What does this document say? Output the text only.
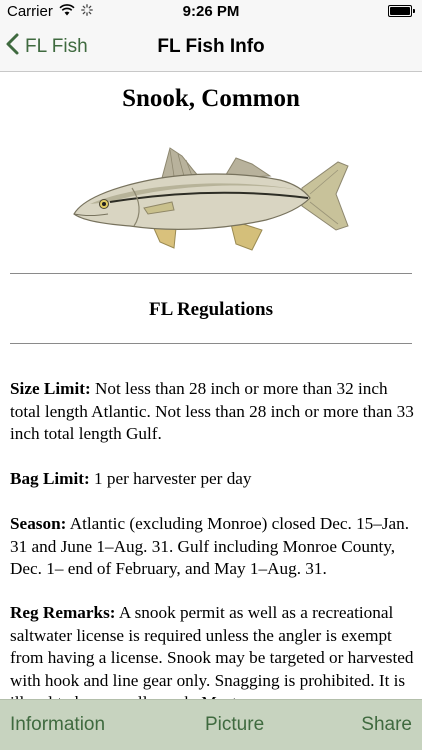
Carrier	9:26 PM
FL Fish	FL Fish Info
Snook, Common
FL Regulations
Size Limit: Not less than 28 inch or more than 32 inch total length Atlantic. Not less than 28 inch or more than 33 inch total length Gulf.
Bag Limit: 1 per harvester per day
Season: Atlantic (excluding Monroe) closed Dec. 15–Jan. 31 and June 1–Aug. 31. Gulf including Monroe County, Dec. 1– end of February, and May 1–Aug. 31.
Reg Remarks: A snook permit as well as a recreational saltwater license is required unless the angler is exempt from having a license. Snook may be targeted or harvested with hook and line gear only. Snagging is prohibited. It is
Information	Picture	Share
